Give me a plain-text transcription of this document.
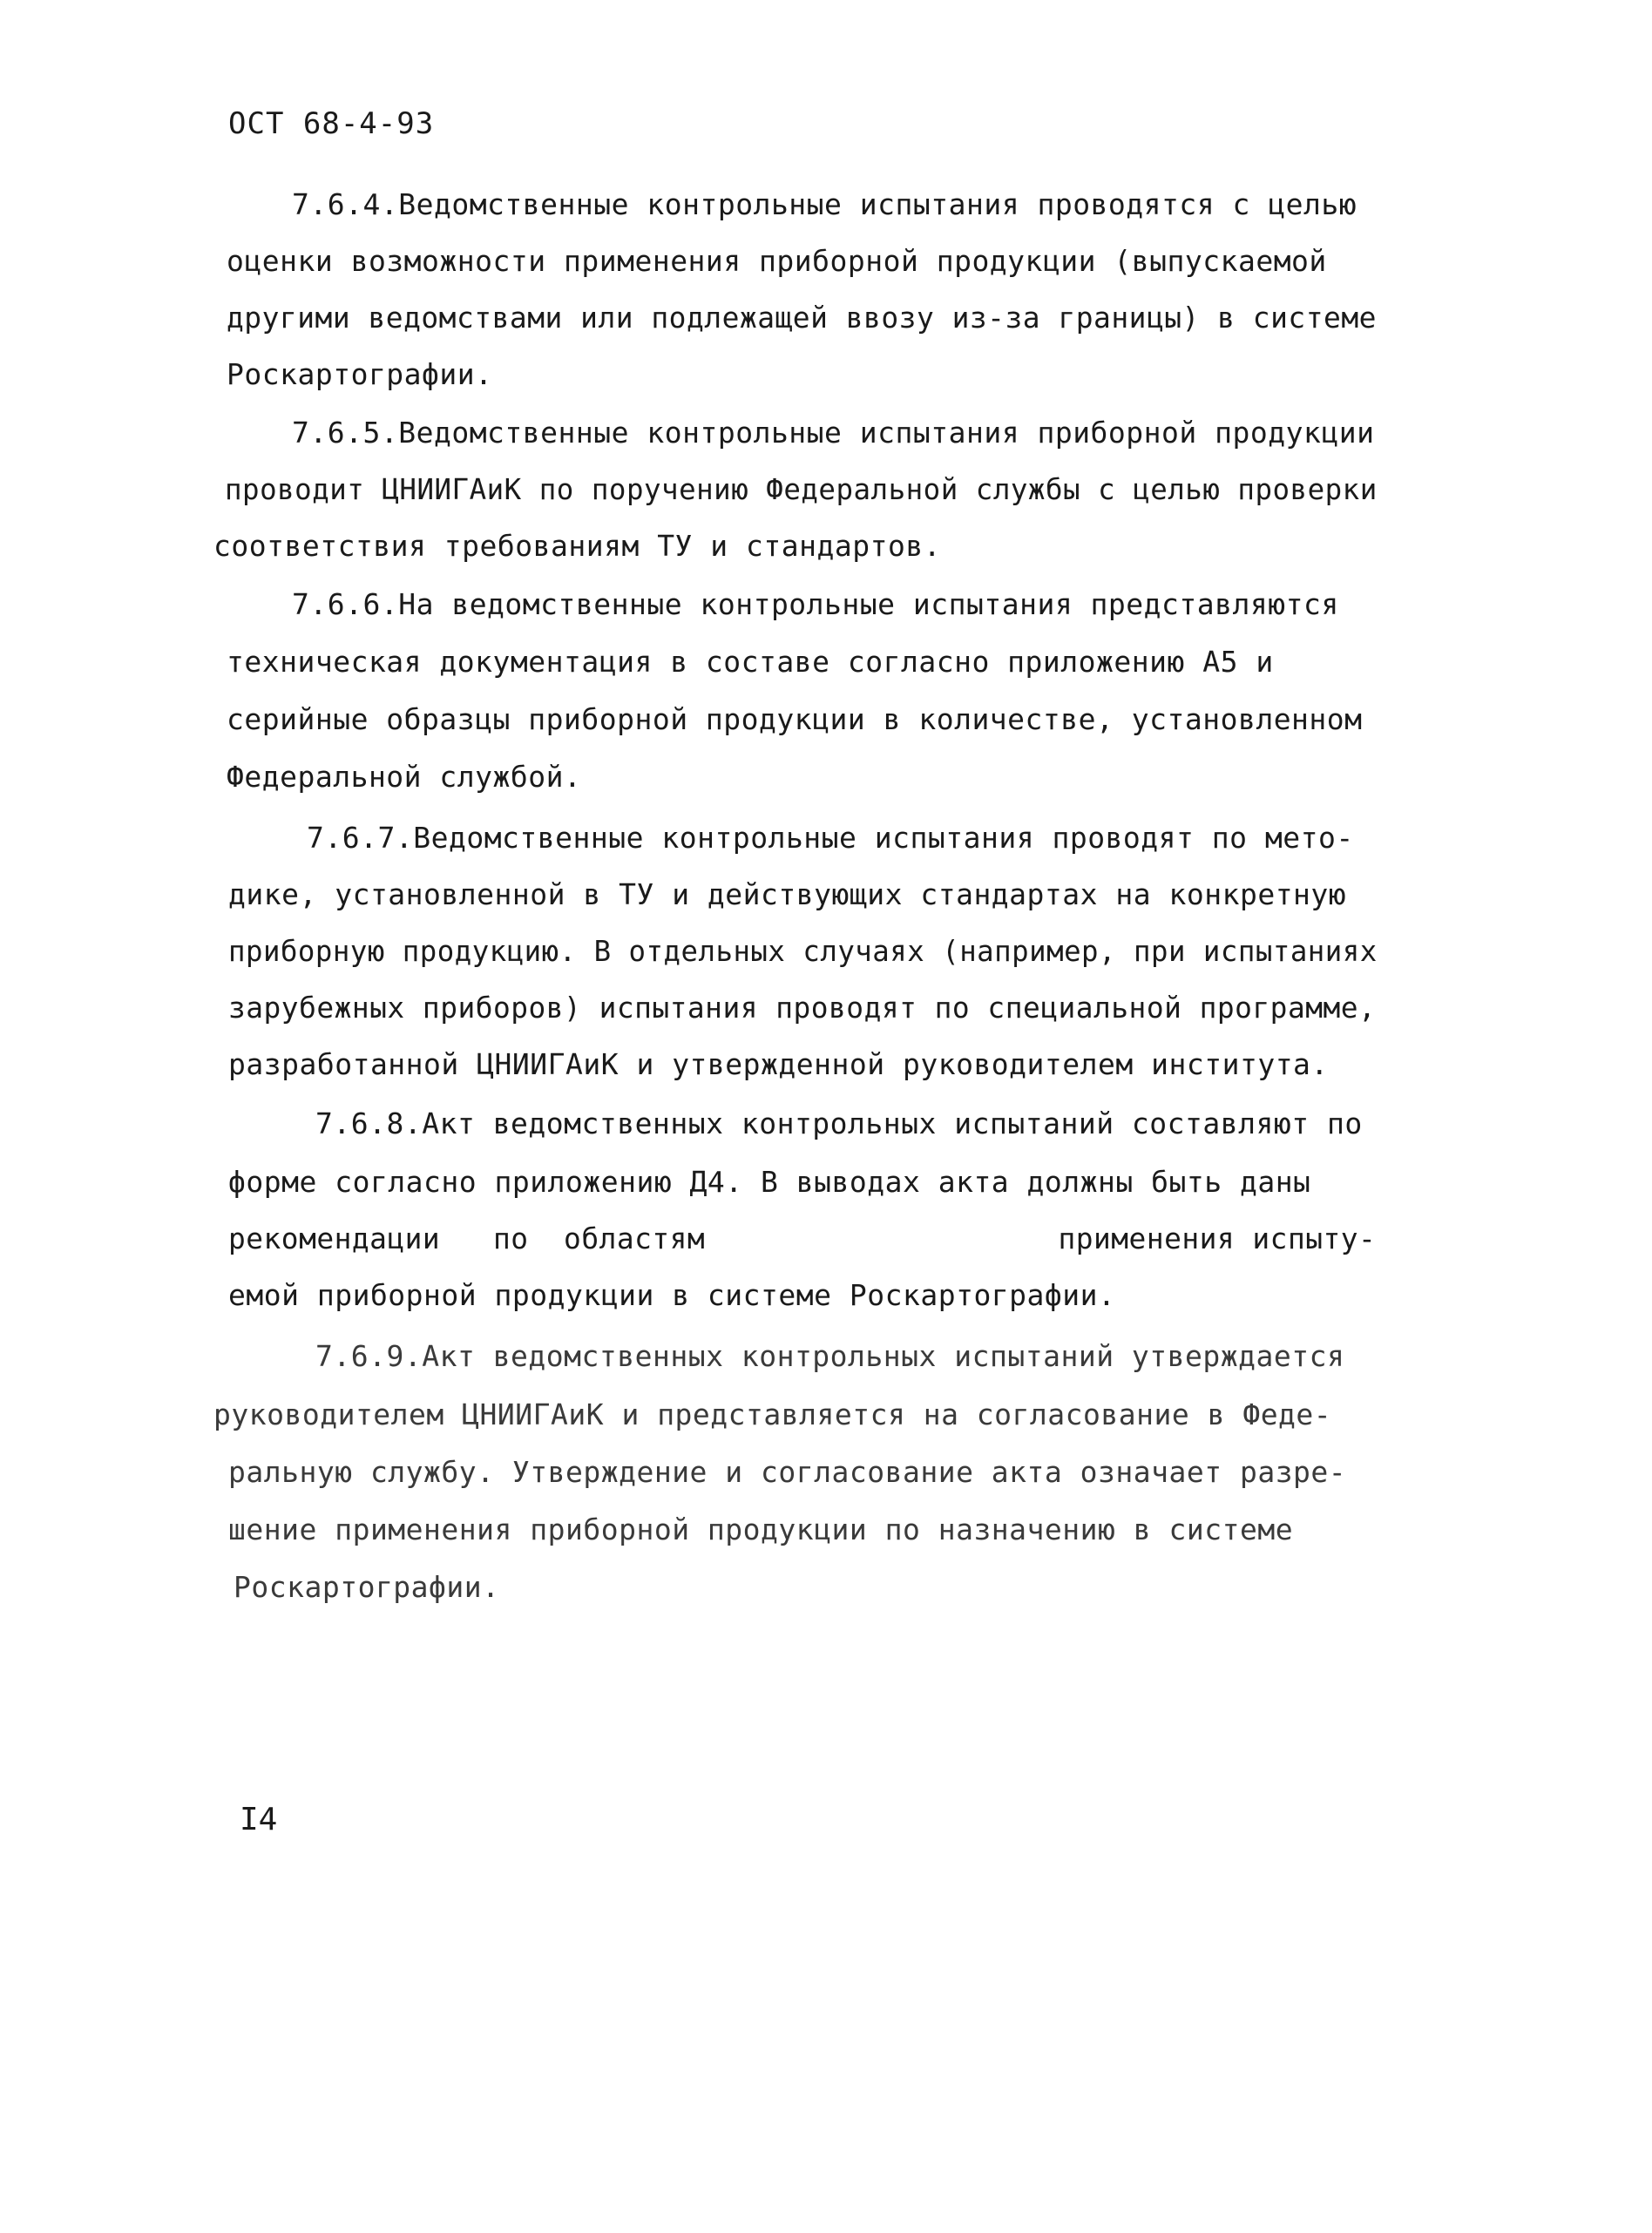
ОСТ 68-4-93
7.6.4.Ведомственные контрольные испытания проводятся с целью
оценки возможности применения приборной продукции (выпускаемой
другими ведомствами или подлежащей ввозу из-за границы) в системе
Роскартографии.
7.6.5.Ведомственные контрольные испытания приборной продукции
проводит ЦНИИГАиК по поручению Федеральной службы с целью проверки
соответствия требованиям ТУ и стандартов.
7.6.6.На ведомственные контрольные испытания представляются
техническая документация в составе согласно приложению А5 и
серийные образцы приборной продукции в количестве, установленном
Федеральной службой.
7.6.7.Ведомственные контрольные испытания проводят по мето-
дике, установленной в ТУ и действующих стандартах на конкретную
приборную продукцию. В отдельных случаях (например, при испытаниях
зарубежных приборов) испытания проводят по специальной программе,
разработанной ЦНИИГАиК и утвержденной руководителем института.
7.6.8.Акт ведомственных контрольных испытаний составляют по
форме согласно приложению Д4. В выводах акта должны быть даны
рекомендации   по  областям                    применения испыту-
емой приборной продукции в системе Роскартографии.
7.6.9.Акт ведомственных контрольных испытаний утверждается
руководителем ЦНИИГАиК и представляется на согласование в Феде-
ральную службу. Утверждение и согласование акта означает разре-
шение применения приборной продукции по назначению в системе
Роскартографии.
I4
